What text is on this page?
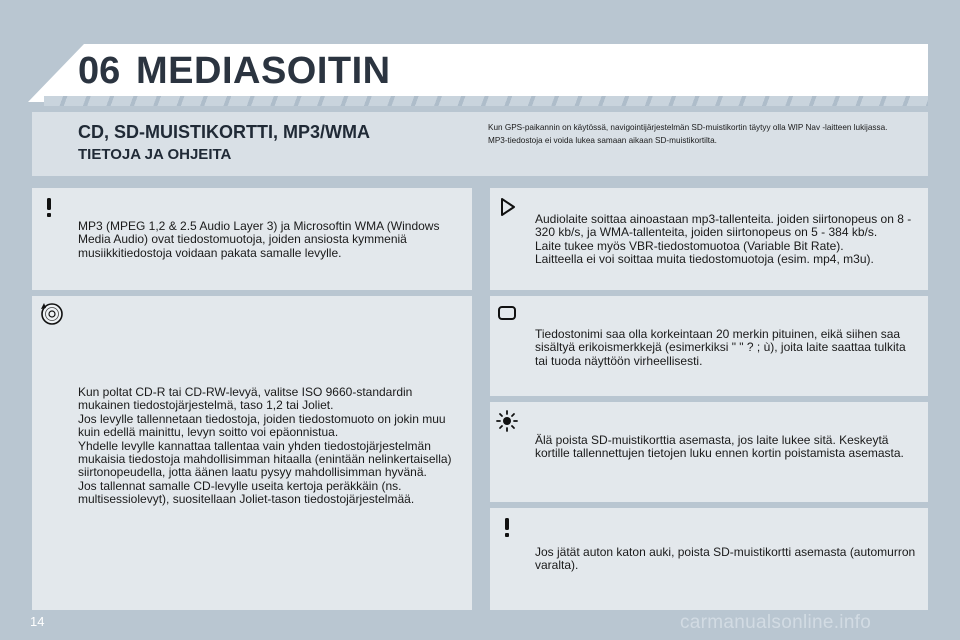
06 MEDIASOITIN
CD, SD-MUISTIKORTTI, MP3/WMA
TIETOJA JA OHJEITA

Kun GPS-paikannin on käytössä, navigointijärjestelmän SD-muistikortin täytyy olla WIP Nav -laitteen lukijassa.

MP3-tiedostoja ei voida lukea samaan aikaan SD-muistikortilta.

MP3 (MPEG 1,2 & 2.5 Audio Layer 3) ja Microsoftin WMA (Windows Media Audio) ovat tiedostomuotoja, joiden ansiosta kymmeniä musiikkitiedostoja voidaan pakata samalle levylle.

Kun poltat CD-R tai CD-RW-levyä, valitse ISO 9660-standardin mukainen tiedostojärjestelmä, taso 1,2 tai Joliet.

Jos levylle tallennetaan tiedostoja, joiden tiedostomuoto on jokin muu kuin edellä mainittu, levyn soitto voi epäonnistua.

Yhdelle levylle kannattaa tallentaa vain yhden tiedostojärjestelmän mukaisia tiedostoja mahdollisimman hitaalla (enintään nelinkertaisella) siirtonopeudella, jotta äänen laatu pysyy mahdollisimman hyvänä.

Jos tallennat samalle CD-levylle useita kertoja peräkkäin (ns. multisessiolevyt), suositellaan Joliet-tason tiedostojärjestelmää.

Audiolaite soittaa ainoastaan mp3-tallenteita. joiden siirtonopeus on 8 - 320 kb/s, ja WMA-tallenteita, joiden siirtonopeus on 5 - 384 kb/s.

Laite tukee myös VBR-tiedostomuotoa (Variable Bit Rate).

Laitteella ei voi soittaa muita tiedostomuotoja (esim. mp4, m3u).

Tiedostonimi saa olla korkeintaan 20 merkin pituinen, eikä siihen saa sisältyä erikoismerkkejä (esimerkiksi " " ? ; ù), joita laite saattaa tulkita tai tuoda näyttöön virheellisesti.

Älä poista SD-muistikorttia asemasta, jos laite lukee sitä. Keskeytä kortille tallennettujen tietojen luku ennen kortin poistamista asemasta.

Jos jätät auton katon auki, poista SD-muistikortti asemasta (automurron varalta).

14	carmanualsonline.info
